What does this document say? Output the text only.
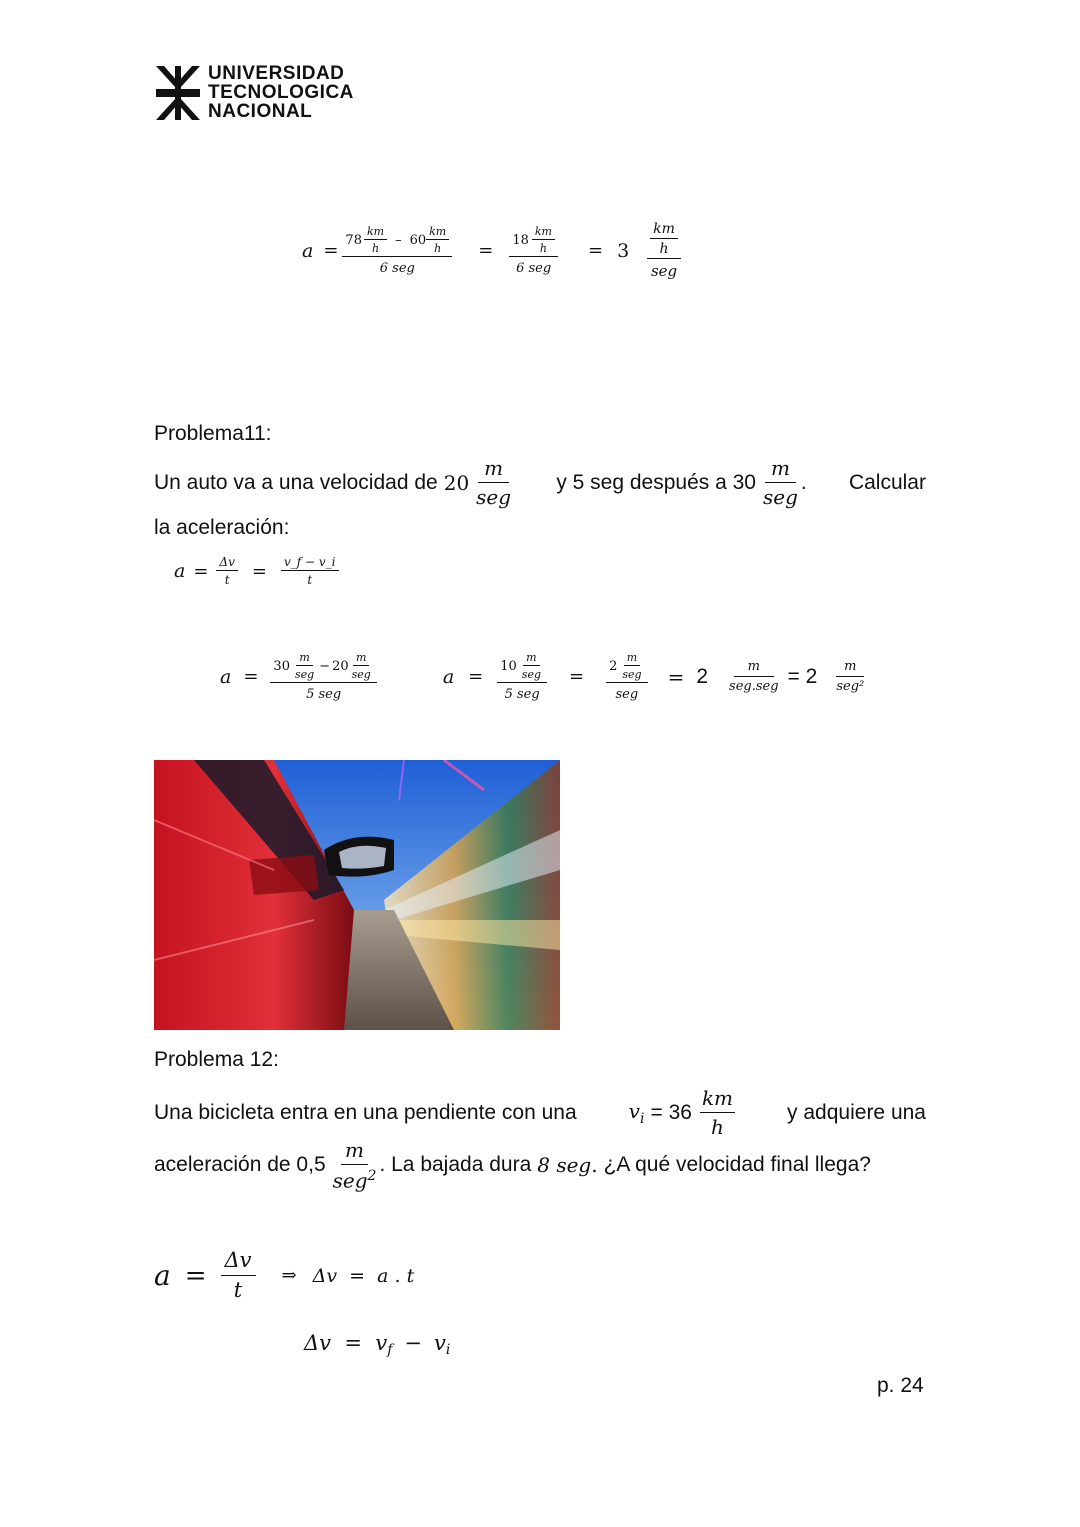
UNIVERSIDAD
TECNOLOGICA
NACIONAL
$a = \frac{78 \frac{km}{h} - 60 \frac{km}{h}}{\text{6 seg}} = \frac{18 \frac{km}{h}}{\text{6 seg}} = 3 \frac{\frac{km}{h}}{\text{seg}}$
Problema11:
Un auto va a una velocidad de $20 \frac{m}{\text{seg}}$ y 5 seg después a $30 \frac{m}{\text{seg}}$ . Calcular
la aceleración:
$a = \frac{\Delta v}{t} = \frac{v\_f - v\_i}{t}$
$a = \frac{30 \frac{m}{\text{seg}} - 20 \frac{m}{\text{seg}}}{\text{5 seg}}$	$a = \frac{10 \frac{m}{\text{seg}}}{\text{5 seg}} = \frac{2 \frac{m}{\text{seg}}}{\text{seg}} = 2 \frac{m}{\text{seg.seg}} = 2 \frac{m}{\text{seg²}}$
Problema 12:
Una bicicleta entra en una pendiente con una	$v_i = 36 \frac{km}{h}$ y adquiere una
aceleración de $0,5 \frac{m}{seg^2}$ . La bajada dura 8 seg. ¿A qué velocidad final llega?
$a = \frac{\Delta v}{t}$ ⇒ Δv  =  a . t
Δv  =  v f − v i
p. 24
